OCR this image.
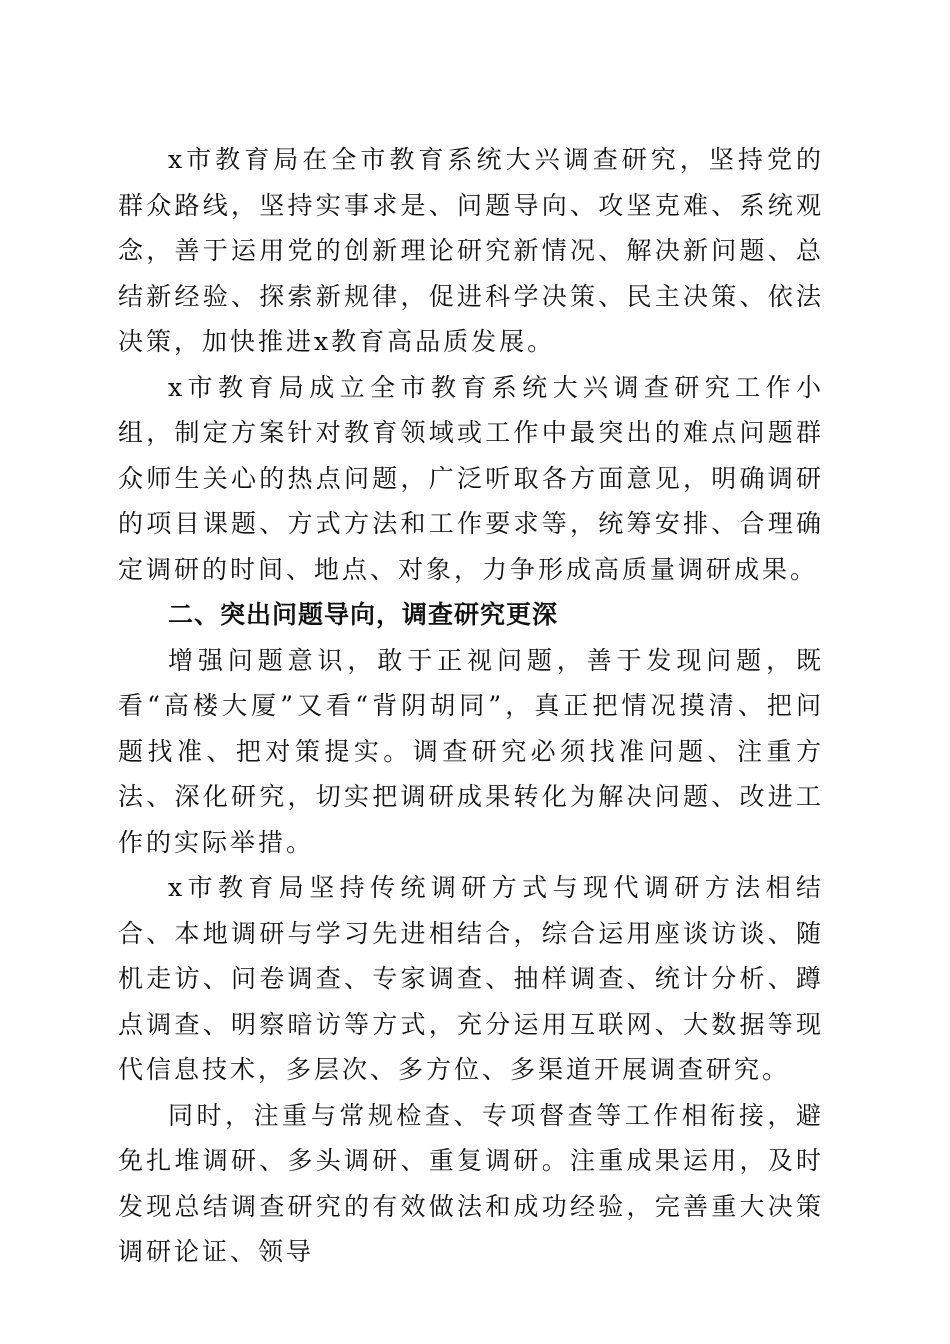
x市教育局在全市教育系统大兴调查研究，坚持党的群众路线，坚持实事求是、问题导向、攻坚克难、系统观念，善于运用党的创新理论研究新情况、解决新问题、总结新经验、探索新规律，促进科学决策、民主决策、依法决策，加快推进x教育高品质发展。

x市教育局成立全市教育系统大兴调查研究工作小组，制定方案针对教育领域或工作中最突出的难点问题群众师生关心的热点问题，广泛听取各方面意见，明确调研的项目课题、方式方法和工作要求等，统筹安排、合理确定调研的时间、地点、对象，力争形成高质量调研成果。

二、突出问题导向，调查研究更深

增强问题意识，敢于正视问题，善于发现问题，既看“高楼大厦”又看“背阴胡同”，真正把情况摸清、把问题找准、把对策提实。调查研究必须找准问题、注重方法、深化研究，切实把调研成果转化为解决问题、改进工作的实际举措。

x市教育局坚持传统调研方式与现代调研方法相结合、本地调研与学习先进相结合，综合运用座谈访谈、随机走访、问卷调查、专家调查、抽样调查、统计分析、蹲点调查、明察暗访等方式，充分运用互联网、大数据等现代信息技术，多层次、多方位、多渠道开展调查研究。

同时，注重与常规检查、专项督查等工作相衔接，避免扎堆调研、多头调研、重复调研。注重成果运用，及时发现总结调查研究的有效做法和成功经验，完善重大决策调研论证、领导
